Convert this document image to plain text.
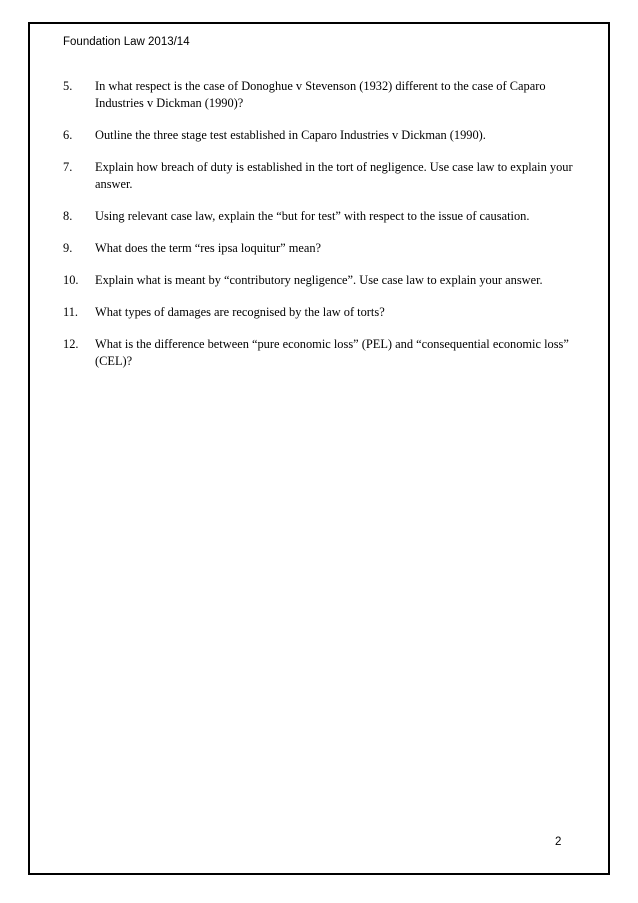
Foundation Law 2013/14
5.	In what respect is the case of Donoghue v Stevenson (1932) different to the case of Caparo Industries v Dickman (1990)?
6.	Outline the three stage test established in Caparo Industries v Dickman (1990).
7.	Explain how breach of duty is established in the tort of negligence. Use case law to explain your answer.
8.	Using relevant case law, explain the “but for test” with respect to the issue of causation.
9.	What does the term “res ipsa loquitur” mean?
10.	Explain what is meant by “contributory negligence”. Use case law to explain your answer.
11.	What types of damages are recognised by the law of torts?
12.	What is the difference between “pure economic loss” (PEL) and “consequential economic loss” (CEL)?
2
